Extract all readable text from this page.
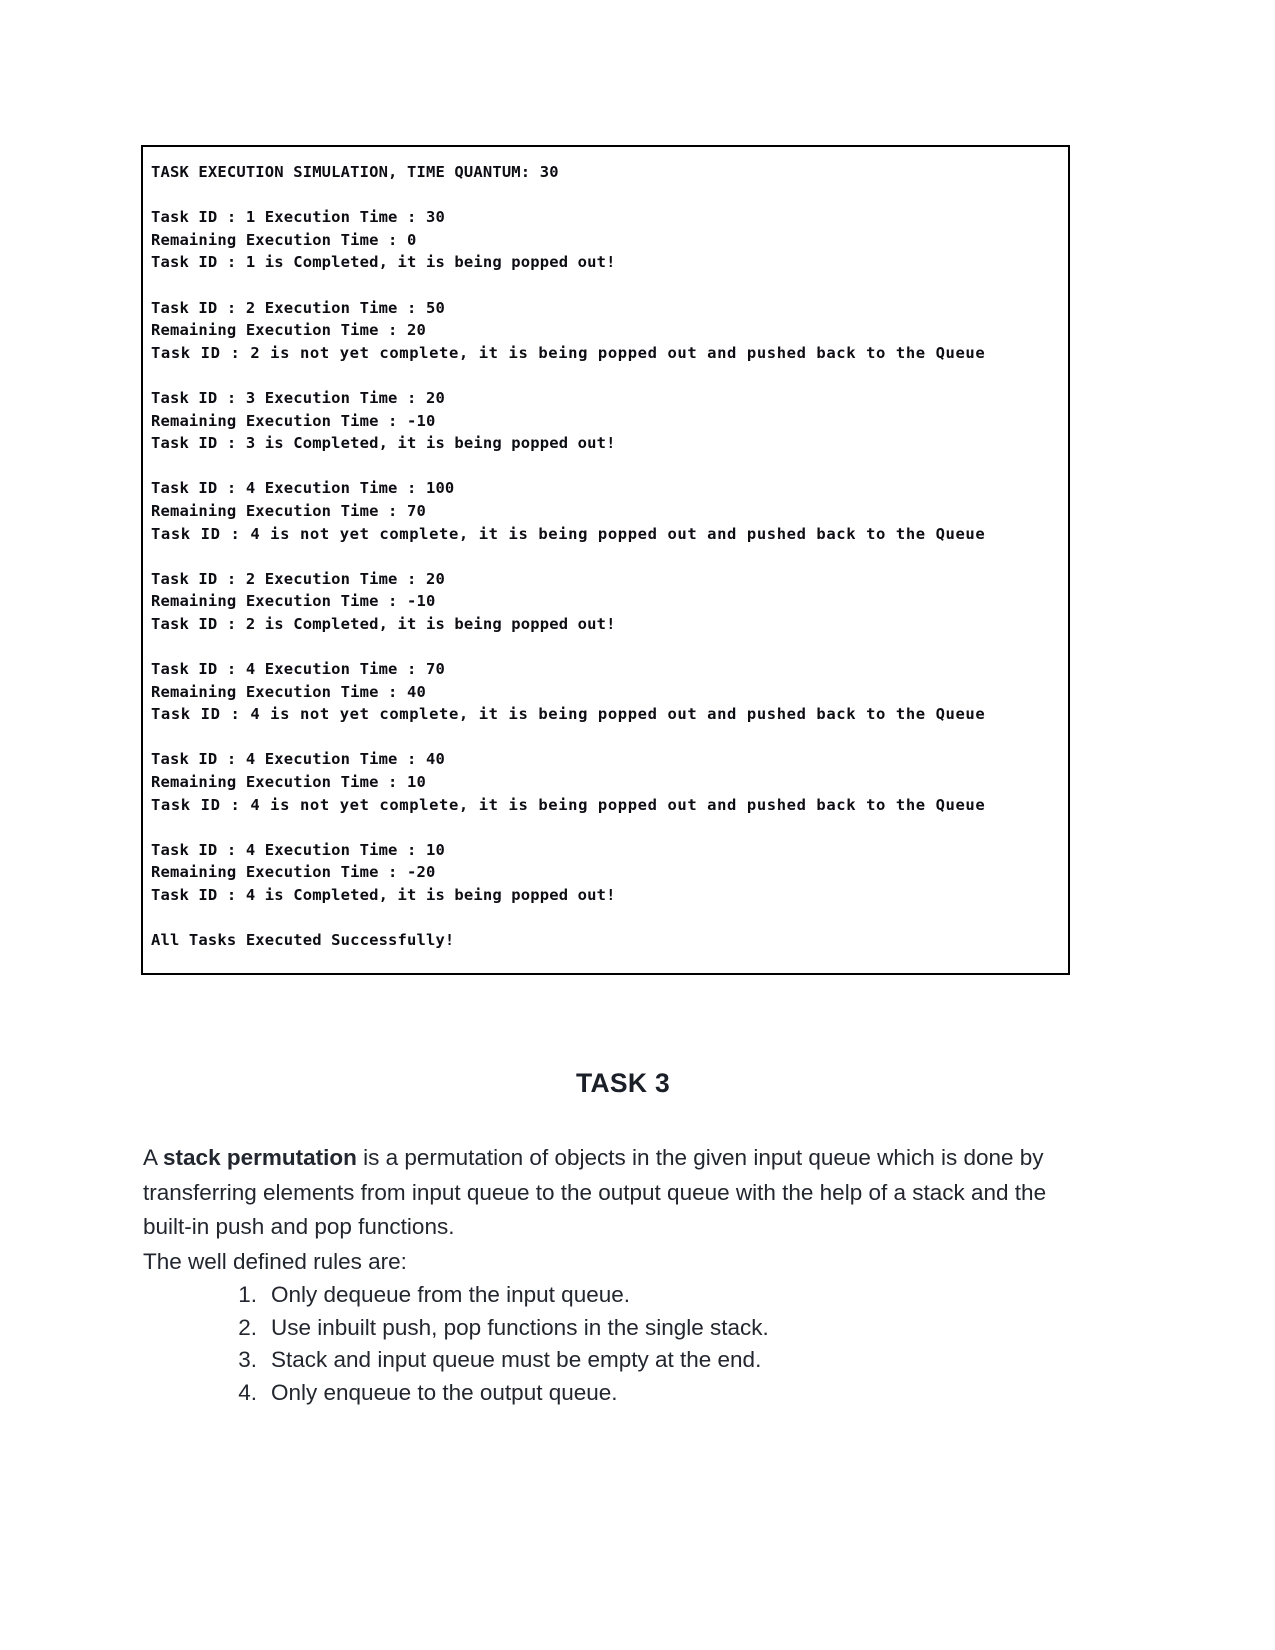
TASK EXECUTION SIMULATION, TIME QUANTUM: 30
Task ID : 1 Execution Time : 30
Remaining Execution Time : 0
Task ID : 1 is Completed, it is being popped out!
Task ID : 2 Execution Time : 50
Remaining Execution Time : 20
Task ID : 2 is not yet complete, it is being popped out and pushed back to the Queue
Task ID : 3 Execution Time : 20
Remaining Execution Time : -10
Task ID : 3 is Completed, it is being popped out!
Task ID : 4 Execution Time : 100
Remaining Execution Time : 70
Task ID : 4 is not yet complete, it is being popped out and pushed back to the Queue
Task ID : 2 Execution Time : 20
Remaining Execution Time : -10
Task ID : 2 is Completed, it is being popped out!
Task ID : 4 Execution Time : 70
Remaining Execution Time : 40
Task ID : 4 is not yet complete, it is being popped out and pushed back to the Queue
Task ID : 4 Execution Time : 40
Remaining Execution Time : 10
Task ID : 4 is not yet complete, it is being popped out and pushed back to the Queue
Task ID : 4 Execution Time : 10
Remaining Execution Time : -20
Task ID : 4 is Completed, it is being popped out!
All Tasks Executed Successfully!
TASK 3

A stack permutation is a permutation of objects in the given input queue which is done by transferring elements from input queue to the output queue with the help of a stack and the built-in push and pop functions.

The well defined rules are:

Only dequeue from the input queue.
Use inbuilt push, pop functions in the single stack.
Stack and input queue must be empty at the end.
Only enqueue to the output queue.
